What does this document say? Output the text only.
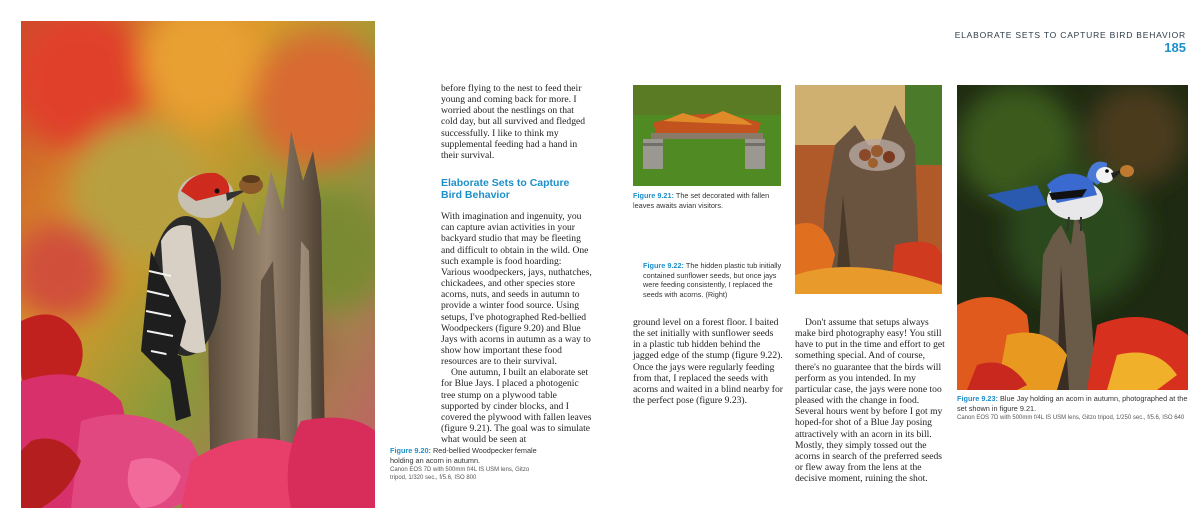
Figure 9.20: Red-bellied Woodpecker female holding an acorn in autumn.
Canon EOS 7D with 500mm f/4L IS USM lens, Gitzo tripod, 1/320 sec., f/5.6, ISO 800
ELABORATE SETS TO CAPTURE BIRD BEHAVIOR
185

before flying to the nest to feed their young and coming back for more. I worried about the nestlings on that cold day, but all survived and fledged successfully. I like to think my supplemental feeding had a hand in their survival.

Elaborate Sets to Capture Bird Behavior

With imagination and ingenuity, you can capture avian activities in your backyard studio that may be fleeting and difficult to obtain in the wild. One such example is food hoarding: Various woodpeckers, jays, nuthatches, chickadees, and other species store acorns, nuts, and seeds in autumn to provide a winter food source. Using setups, I've photographed Red-bellied Woodpeckers (figure 9.20) and Blue Jays with acorns in autumn as a way to show how important these food resources are to their survival.

One autumn, I built an elaborate set for Blue Jays. I placed a photogenic tree stump on a plywood table supported by cinder blocks, and I covered the plywood with fallen leaves (figure 9.21). The goal was to simulate what would be seen at

Figure 9.21: The set decorated with fallen leaves awaits avian visitors.
Figure 9.22: The hidden plastic tub initially contained sunflower seeds, but once jays were feeding consistently, I replaced the seeds with acorns. (Right)

ground level on a forest floor. I baited the set initially with sunflower seeds in a plastic tub hidden behind the jagged edge of the stump (figure 9.22). Once the jays were regularly feeding from that, I replaced the seeds with acorns and waited in a blind nearby for the perfect pose (figure 9.23).

Don't assume that setups always make bird photography easy! You still have to put in the time and effort to get something special. And of course, there's no guarantee that the birds will perform as you intended. In my particular case, the jays were none too pleased with the change in food. Several hours went by before I got my hoped-for shot of a Blue Jay posing attractively with an acorn in its bill. Mostly, they simply tossed out the acorns in search of the preferred seeds or flew away from the lens at the decisive moment, ruining the shot.

Figure 9.23: Blue Jay holding an acorn in autumn, photographed at the set shown in figure 9.21.
Canon EOS 7D with 500mm f/4L IS USM lens, Gitzo tripod, 1/250 sec., f/5.6, ISO 640
